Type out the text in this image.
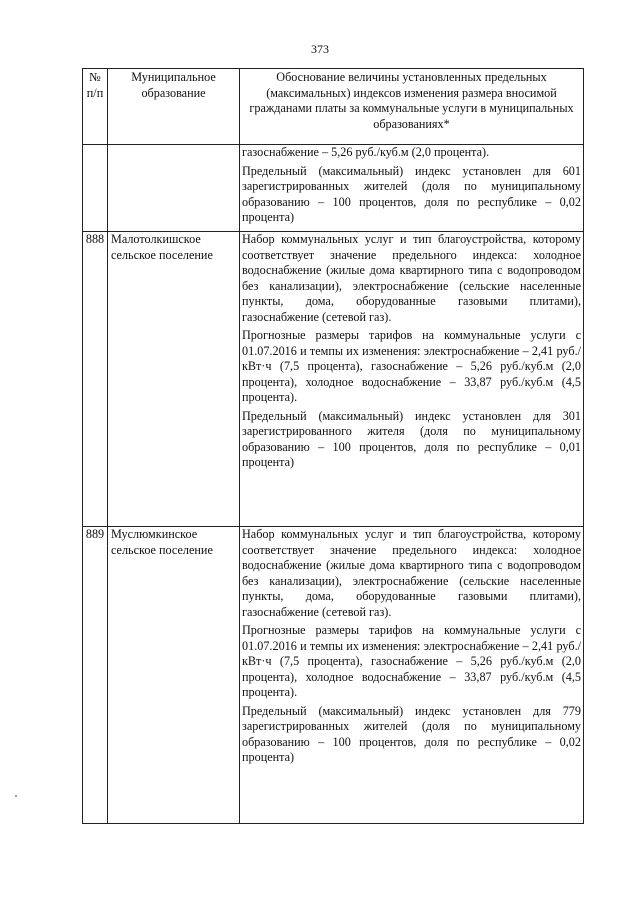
373
№ п/п	Муниципальное образование	Обоснование величины установленных предельных (максимальных) индексов изменения размера вносимой гражданами платы за коммунальные услуги в муниципальных образованиях*

		газоснабжение – 5,26 руб./куб.м (2,0 процента).
Предельный (максимальный) индекс установлен для 601 зарегистрированных жителей (доля по муниципальному образованию – 100 процентов, доля по республике – 0,02 процента)

888	Малотолкишское сельское поселение	Набор коммунальных услуг и тип благоустройства, которому соответствует значение предельного индекса: холодное водоснабжение (жилые дома квартирного типа с водопроводом без канализации), электроснабжение (сельские населенные пункты, дома, оборудованные газовыми плитами), газоснабжение (сетевой газ).
Прогнозные размеры тарифов на коммунальные услуги с 01.07.2016 и темпы их изменения: электроснабжение – 2,41 руб./кВт·ч (7,5 процента), газоснабжение – 5,26 руб./куб.м (2,0 процента), холодное водоснабжение – 33,87 руб./куб.м (4,5 процента).
Предельный (максимальный) индекс установлен для 301 зарегистрированного жителя (доля по муниципальному образованию – 100 процентов, доля по республике – 0,01 процента)

889	Муслюмкинское сельское поселение	Набор коммунальных услуг и тип благоустройства, которому соответствует значение предельного индекса: холодное водоснабжение (жилые дома квартирного типа с водопроводом без канализации), электроснабжение (сельские населенные пункты, дома, оборудованные газовыми плитами), газоснабжение (сетевой газ).
Прогнозные размеры тарифов на коммунальные услуги с 01.07.2016 и темпы их изменения: электроснабжение – 2,41 руб./кВт·ч (7,5 процента), газоснабжение – 5,26 руб./куб.м (2,0 процента), холодное водоснабжение – 33,87 руб./куб.м (4,5 процента).
Предельный (максимальный) индекс установлен для 779 зарегистрированных жителей (доля по муниципальному образованию – 100 процентов, доля по республике – 0,02 процента)
